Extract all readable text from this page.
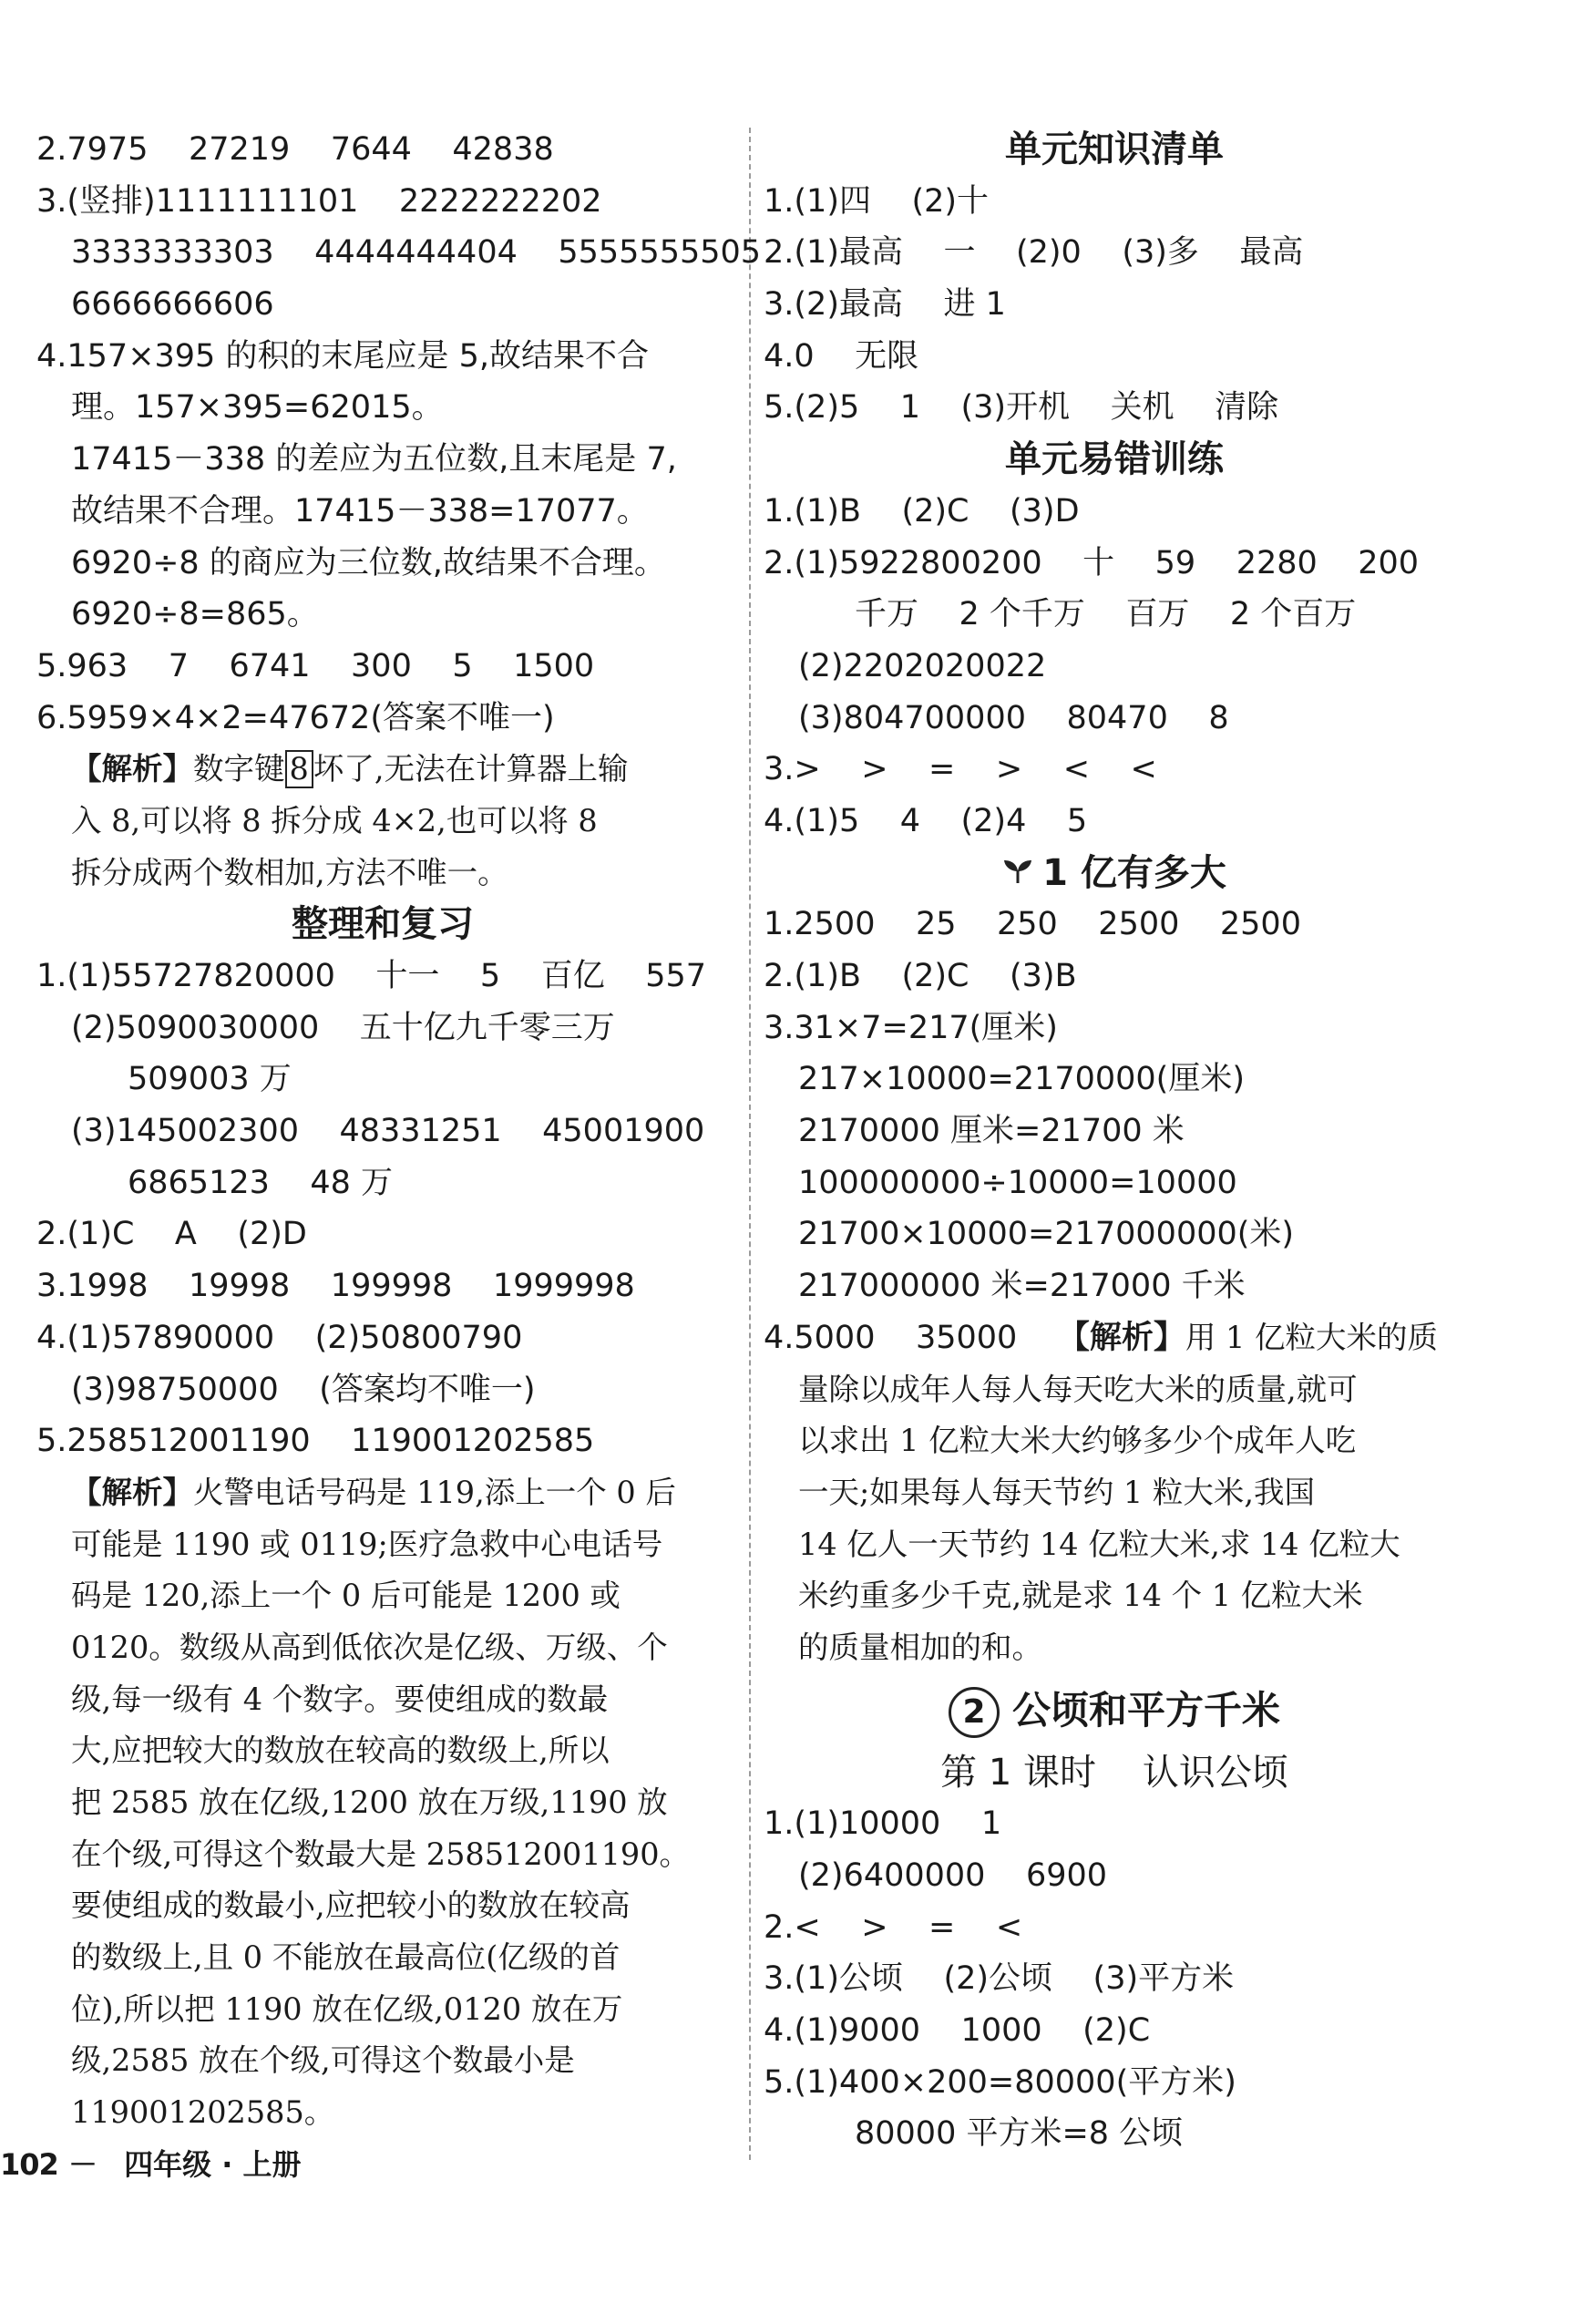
2.7975    27219    7644    42838
3.(竖排)1111111101    2222222202
3333333303    4444444404    5555555505
6666666606
4.157×395 的积的末尾应是 5,故结果不合
理。157×395=62015。
17415－338 的差应为五位数,且末尾是 7,
故结果不合理。17415－338=17077。
6920÷8 的商应为三位数,故结果不合理。
6920÷8=865。
5.963    7    6741    300    5    1500
6.5959×4×2=47672(答案不唯一)
【解析】数字键 8 坏了,无法在计算器上输
入 8,可以将 8 拆分成 4×2,也可以将 8
拆分成两个数相加,方法不唯一。
整理和复习
1.(1)55727820000    十一    5    百亿    557
(2)5090030000    五十亿九千零三万
509003 万
(3)145002300    48331251    45001900
6865123    48 万
2.(1)C    A    (2)D
3.1998    19998    199998    1999998
4.(1)57890000    (2)50800790
(3)98750000    (答案均不唯一)
5.258512001190    119001202585
【解析】火警电话号码是 119,添上一个 0 后
可能是 1190 或 0119;医疗急救中心电话号
码是 120,添上一个 0 后可能是 1200 或
0120。数级从高到低依次是亿级、万级、个
级,每一级有 4 个数字。要使组成的数最
大,应把较大的数放在较高的数级上,所以
把 2585 放在亿级,1200 放在万级,1190 放
在个级,可得这个数最大是 258512001190。
要使组成的数最小,应把较小的数放在较高
的数级上,且 0 不能放在最高位(亿级的首
位),所以把 1190 放在亿级,0120 放在万
级,2585 放在个级,可得这个数最小是
119001202585。
单元知识清单
1.(1)四    (2)十
2.(1)最高    一    (2)0    (3)多    最高
3.(2)最高    进 1
4.0    无限
5.(2)5    1    (3)开机    关机    清除
单元易错训练
1.(1)B    (2)C    (3)D
2.(1)5922800200    十    59    2280    200
千万    2 个千万    百万    2 个百万
(2)2202020022
(3)804700000    80470    8
3.>    >    =    >    <    <
4.(1)5    4    (2)4    5
1 亿有多大
1.2500    25    250    2500    2500
2.(1)B    (2)C    (3)B
3.31×7=217(厘米)
217×10000=2170000(厘米)
2170000 厘米=21700 米
100000000÷10000=10000
21700×10000=217000000(米)
217000000 米=217000 千米
4.5000    35000    【解析】用 1 亿粒大米的质
量除以成年人每人每天吃大米的质量,就可
以求出 1 亿粒大米大约够多少个成年人吃
一天;如果每人每天节约 1 粒大米,我国
14 亿人一天节约 14 亿粒大米,求 14 亿粒大
米约重多少千克,就是求 14 个 1 亿粒大米
的质量相加的和。
2 公顷和平方千米
第 1 课时    认识公顷
1.(1)10000    1
(2)6400000    6900
2.<    >    =    <
3.(1)公顷    (2)公顷    (3)平方米
4.(1)9000    1000    (2)C
5.(1)400×200=80000(平方米)
80000 平方米=8 公顷
102 － 四年级 · 上册
